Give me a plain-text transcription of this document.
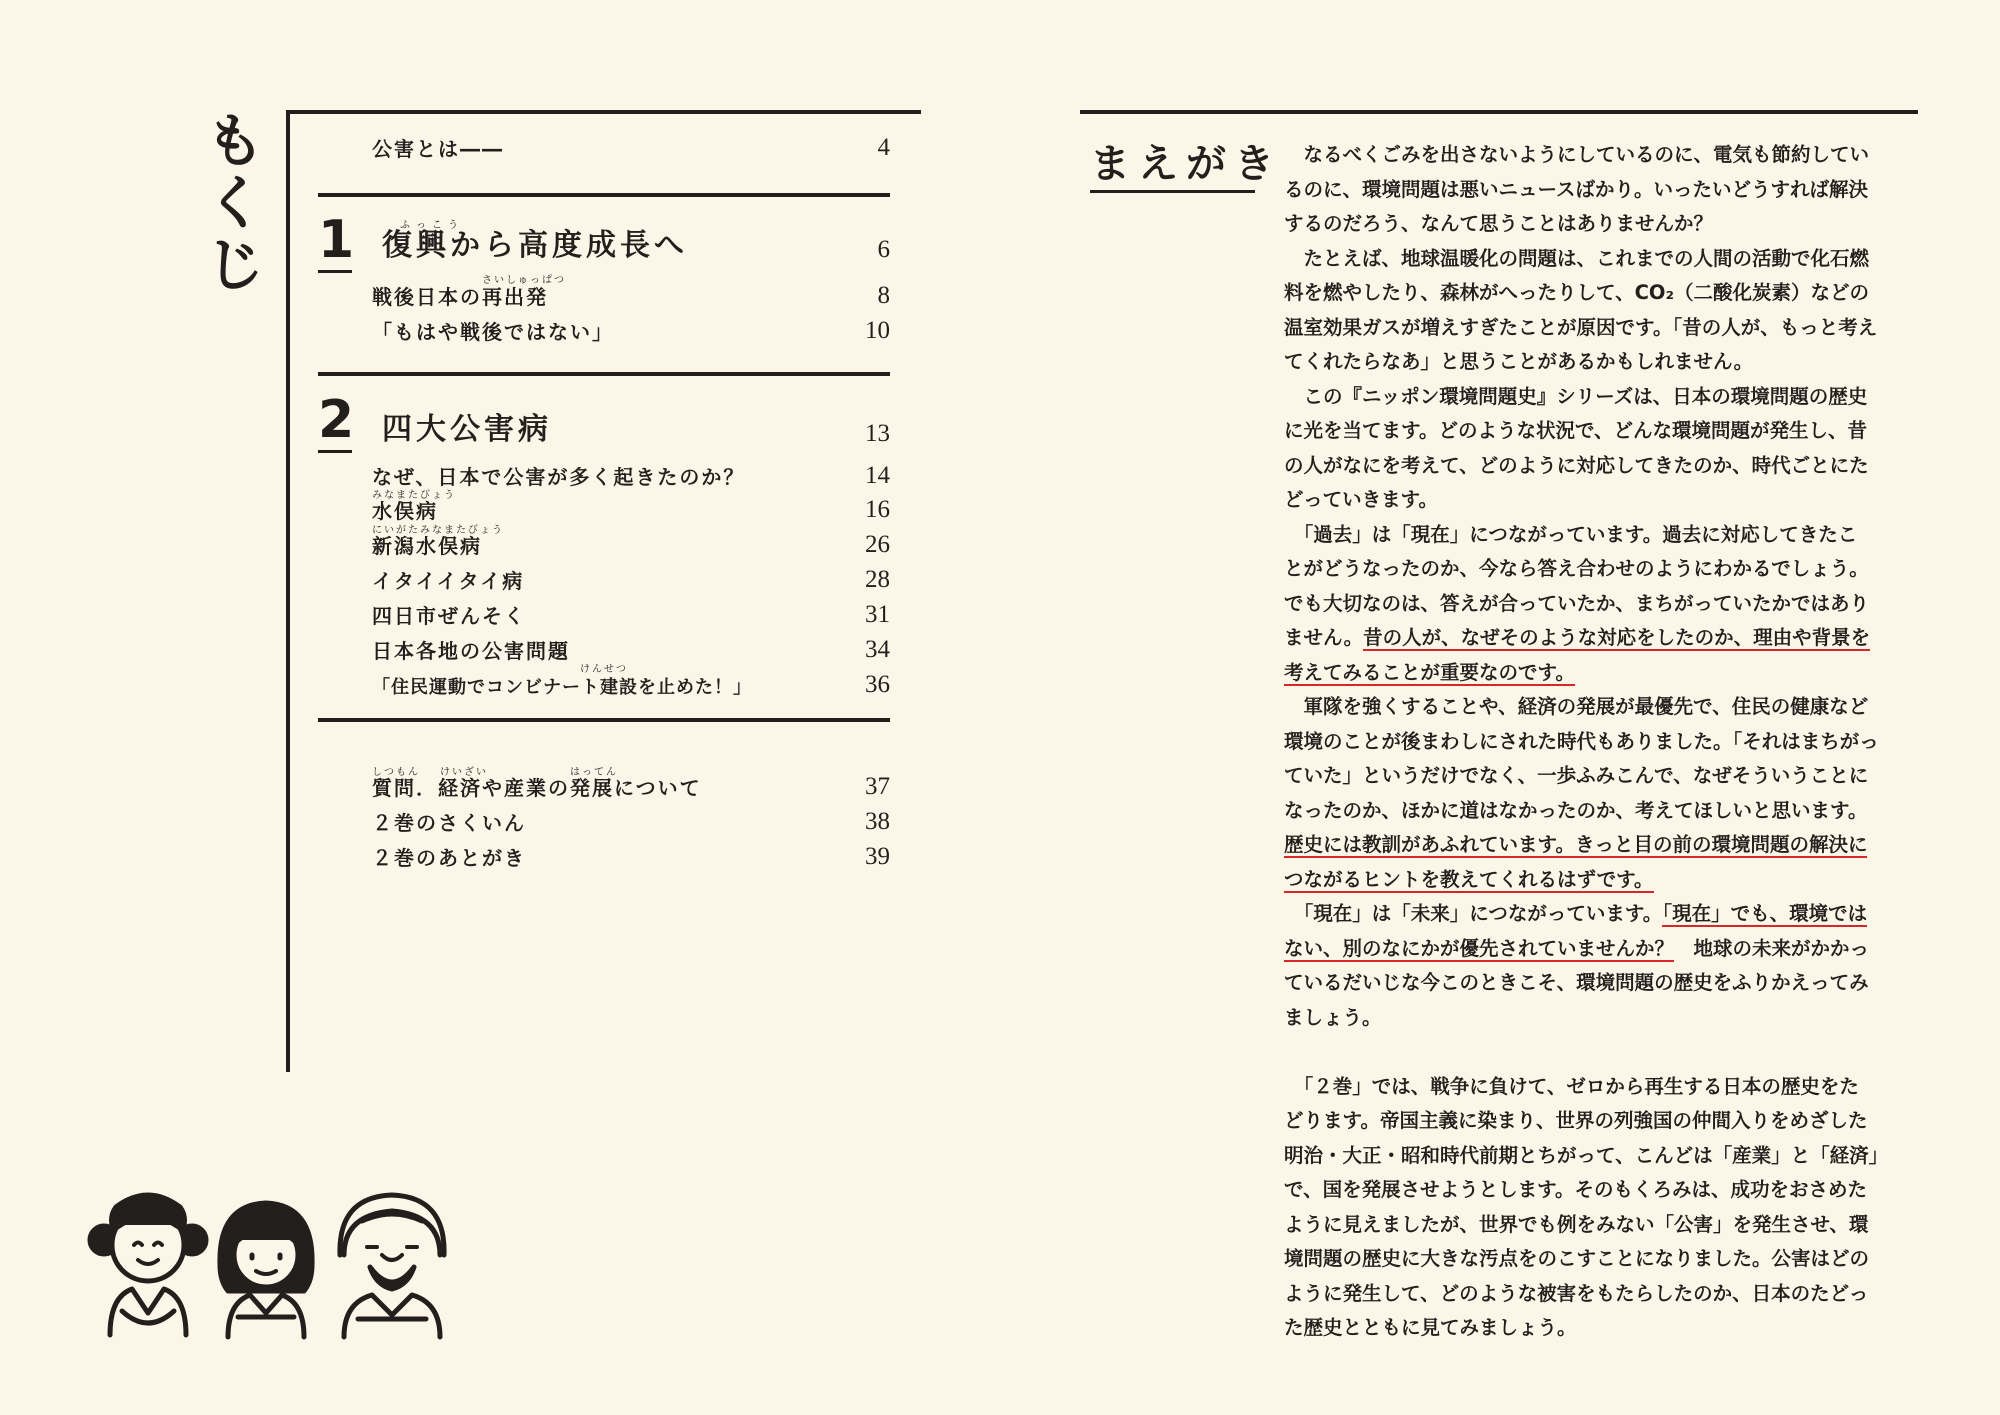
も
く
じ
公害とは――	4
1	ふっこう
復興から高度成長へ	6
さいしゅっぱつ
戦後日本の再出発	8
「もはや戦後ではない」	10
2 四大公害病	13
なぜ、日本で公害が多く起きたのか？	14
みなまたびょう
水俣病	16
にいがたみなまたびょう
新潟水俣病	26
イタイイタイ病	28
四日市ぜんそく	31
日本各地の公害問題	34
けんせつ
「住民運動でコンビナート建設を止めた！」	36
しつもん けいざい	はってん
質問．経済や産業の発展について	37
２巻のさくいん	38
２巻のあとがき	39
まえがき 　なるべくごみを出さないようにしているのに、電気も節約してい
るのに、環境問題は悪いニュースばかり。いったいどうすれば解決
するのだろう、なんて思うことはありませんか？
　たとえば、地球温暖化の問題は、これまでの人間の活動で化石燃
料を燃やしたり、森林がへったりして、CO₂（二酸化炭素）などの
温室効果ガスが増えすぎたことが原因です。「昔の人が、もっと考え
てくれたらなあ」と思うことがあるかもしれません。
　この『ニッポン環境問題史』シリーズは、日本の環境問題の歴史
に光を当てます。どのような状況で、どんな環境問題が発生し、昔
の人がなにを考えて、どのように対応してきたのか、時代ごとにた
どっていきます。
　「過去」は「現在」につながっています。過去に対応してきたこ
とがどうなったのか、今なら答え合わせのようにわかるでしょう。
でも大切なのは、答えが合っていたか、まちがっていたかではあり
ません。昔の人が、なぜそのような対応をしたのか、理由や背景を
考えてみることが重要なのです。
　軍隊を強くすることや、経済の発展が最優先で、住民の健康など
環境のことが後まわしにされた時代もありました。「それはまちがっ
ていた」というだけでなく、一歩ふみこんで、なぜそういうことに
なったのか、ほかに道はなかったのか、考えてほしいと思います。
歴史には教訓があふれています。きっと目の前の環境問題の解決に
つながるヒントを教えてくれるはずです。
　「現在」は「未来」につながっています。「現在」でも、環境では
ない、別のなにかが優先されていませんか？　地球の未来がかかっ
ているだいじな今このときこそ、環境問題の歴史をふりかえってみ
ましょう。
　「２巻」では、戦争に負けて、ゼロから再生する日本の歴史をた
どります。帝国主義に染まり、世界の列強国の仲間入りをめざした
明治・大正・昭和時代前期とちがって、こんどは「産業」と「経済」
で、国を発展させようとします。そのもくろみは、成功をおさめた
ように見えましたが、世界でも例をみない「公害」を発生させ、環
境問題の歴史に大きな汚点をのこすことになりました。公害はどの
ように発生して、どのような被害をもたらしたのか、日本のたどっ
た歴史とともに見てみましょう。
